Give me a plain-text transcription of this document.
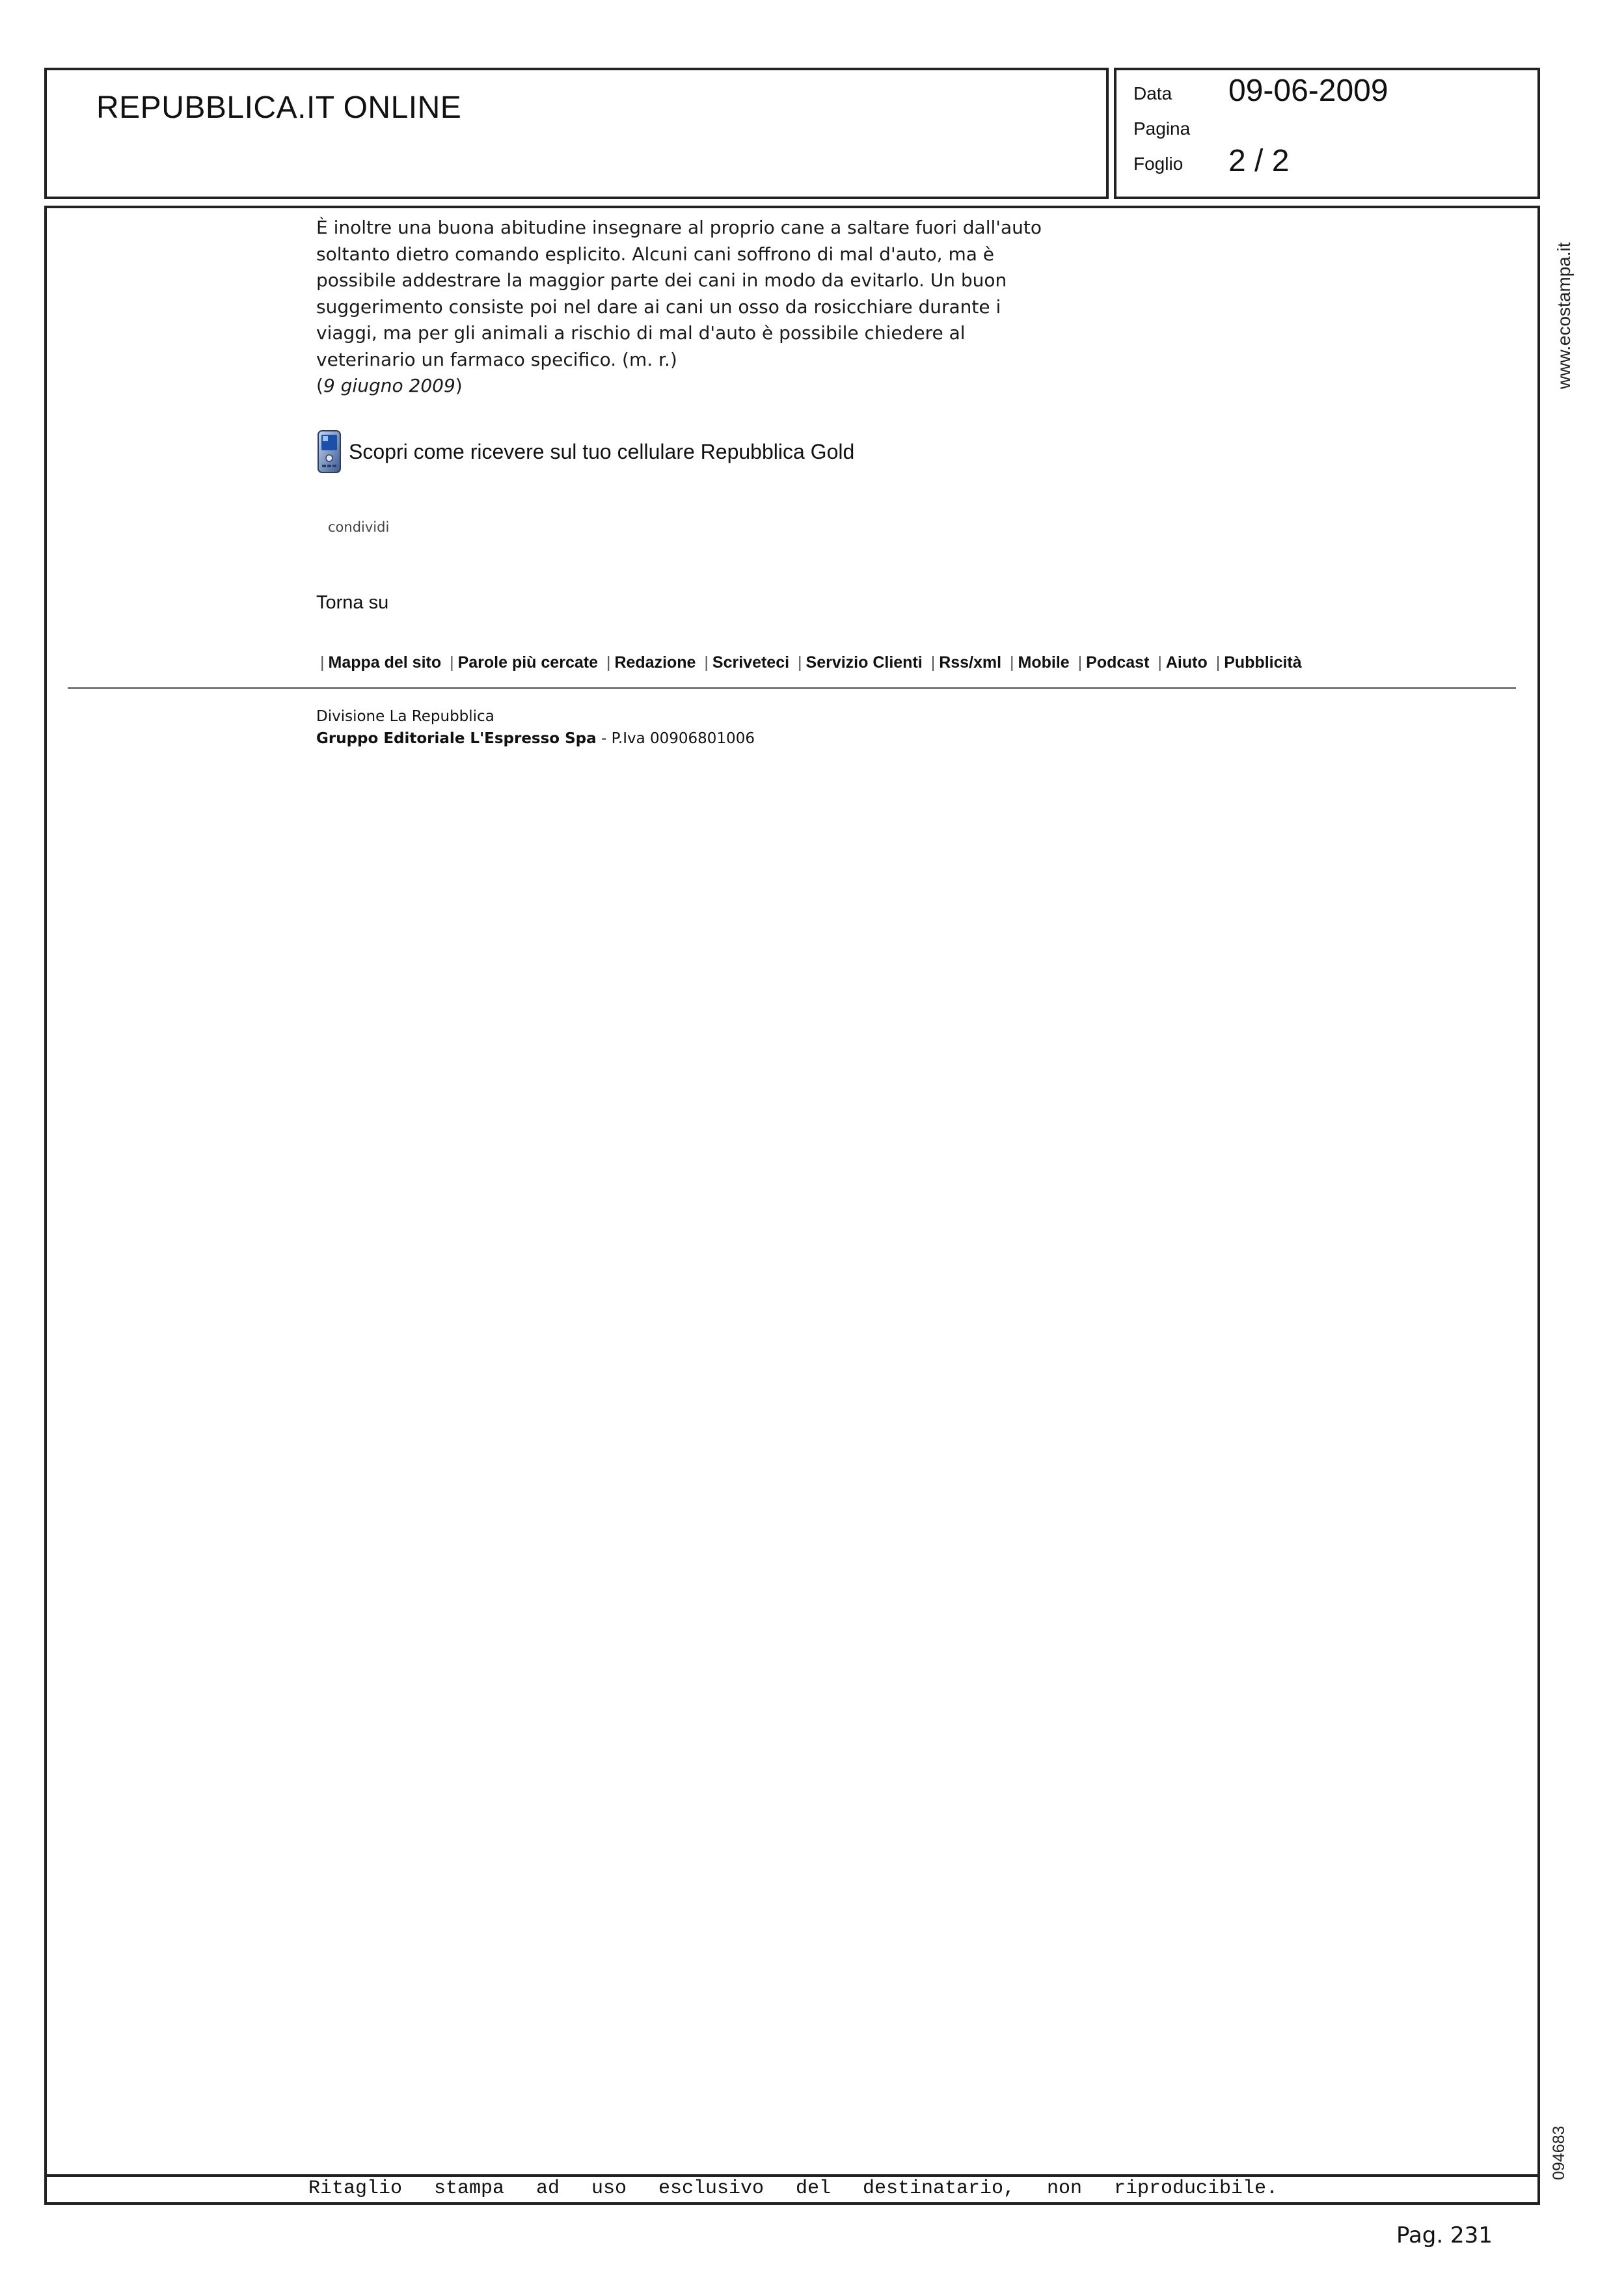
REPUBBLICA.IT ONLINE	Data 09-06-2009
Pagina
Foglio 2 / 2

È inoltre una buona abitudine insegnare al proprio cane a saltare fuori dall'auto

soltanto dietro comando esplicito. Alcuni cani soffrono di mal d'auto, ma è

possibile addestrare la maggior parte dei cani in modo da evitarlo. Un buon

suggerimento consiste poi nel dare ai cani un osso da rosicchiare durante i

viaggi, ma per gli animali a rischio di mal d'auto è possibile chiedere al

veterinario un farmaco specifico. (m. r.)

(9 giugno 2009)

Scopri come ricevere sul tuo cellulare Repubblica Gold
condividi
Torna su
| Mappa del sito | Parole più cercate | Redazione | Scriveteci | Servizio Clienti | Rss/xml | Mobile | Podcast | Aiuto | Pubblicità
Divisione La Repubblica
Gruppo Editoriale L'Espresso Spa - P.Iva 00906801006
www.ecostampa.it
094683
Ritaglio stampa ad uso esclusivo del destinatario, non riproducibile.
Pag. 231
